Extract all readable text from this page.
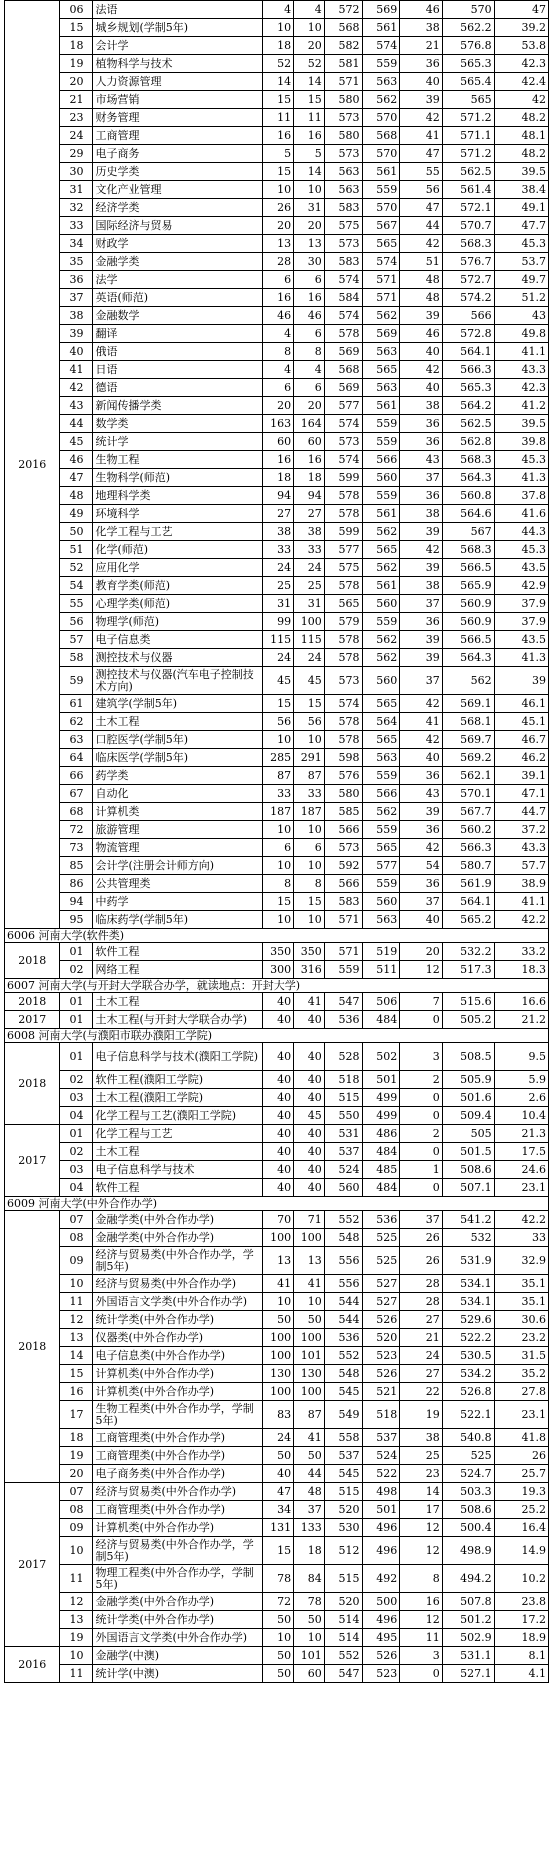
2016	06	法语	4	4	572	569	46	570	47
	15	城乡规划(学制5年)	10	10	568	561	38	562.2	39.2
	18	会计学	18	20	582	574	21	576.8	53.8
	19	植物科学与技术	52	52	581	559	36	565.3	42.3
	20	人力资源管理	14	14	571	563	40	565.4	42.4
	21	市场营销	15	15	580	562	39	565	42
	23	财务管理	11	11	573	570	42	571.2	48.2
	24	工商管理	16	16	580	568	41	571.1	48.1
	29	电子商务	5	5	573	570	47	571.2	48.2
	30	历史学类	15	14	563	561	55	562.5	39.5
	31	文化产业管理	10	10	563	559	56	561.4	38.4
	32	经济学类	26	31	583	570	47	572.1	49.1
	33	国际经济与贸易	20	20	575	567	44	570.7	47.7
	34	财政学	13	13	573	565	42	568.3	45.3
	35	金融学类	28	30	583	574	51	576.7	53.7
	36	法学	6	6	574	571	48	572.7	49.7
	37	英语(师范)	16	16	584	571	48	574.2	51.2
	38	金融数学	46	46	574	562	39	566	43
	39	翻译	4	6	578	569	46	572.8	49.8
	40	俄语	8	8	569	563	40	564.1	41.1
	41	日语	4	4	568	565	42	566.3	43.3
	42	德语	6	6	569	563	40	565.3	42.3
	43	新闻传播学类	20	20	577	561	38	564.2	41.2
	44	数学类	163	164	574	559	36	562.5	39.5
	45	统计学	60	60	573	559	36	562.8	39.8
	46	生物工程	16	16	574	566	43	568.3	45.3
	47	生物科学(师范)	18	18	599	560	37	564.3	41.3
	48	地理科学类	94	94	578	559	36	560.8	37.8
	49	环境科学	27	27	578	561	38	564.6	41.6
	50	化学工程与工艺	38	38	599	562	39	567	44.3
	51	化学(师范)	33	33	577	565	42	568.3	45.3
	52	应用化学	24	24	575	562	39	566.5	43.5
	54	教育学类(师范)	25	25	578	561	38	565.9	42.9
	55	心理学类(师范)	31	31	565	560	37	560.9	37.9
	56	物理学(师范)	99	100	579	559	36	560.9	37.9
	57	电子信息类	115	115	578	562	39	566.5	43.5
	58	测控技术与仪器	24	24	578	562	39	564.3	41.3
	59	测控技术与仪器(汽车电子控制技术方向)	45	45	573	560	37	562	39
	61	建筑学(学制5年)	15	15	574	565	42	569.1	46.1
	62	土木工程	56	56	578	564	41	568.1	45.1
	63	口腔医学(学制5年)	10	10	578	565	42	569.7	46.7
	64	临床医学(学制5年)	285	291	598	563	40	569.2	46.2
	66	药学类	87	87	576	559	36	562.1	39.1
	67	自动化	33	33	580	566	43	570.1	47.1
	68	计算机类	187	187	585	562	39	567.7	44.7
	72	旅游管理	10	10	566	559	36	560.2	37.2
	73	物流管理	6	6	573	565	42	566.3	43.3
	85	会计学(注册会计师方向)	10	10	592	577	54	580.7	57.7
	86	公共管理类	8	8	566	559	36	561.9	38.9
	94	中药学	15	15	583	560	37	564.1	41.1
	95	临床药学(学制5年)	10	10	571	563	40	565.2	42.2
6006 河南大学(软件类)									
2018	01	软件工程	350	350	571	519	20	532.2	33.2
	02	网络工程	300	316	559	511	12	517.3	18.3
6007 河南大学(与开封大学联合办学，就读地点：开封大学)									
2018	01	土木工程	40	41	547	506	7	515.6	16.6
2017	01	土木工程(与开封大学联合办学)	40	40	536	484	0	505.2	21.2
6008 河南大学(与濮阳市联办濮阳工学院)									
2018	01	电子信息科学与技术(濮阳工学院)	40	40	528	502	3	508.5	9.5
	02	软件工程(濮阳工学院)	40	40	518	501	2	505.9	5.9
	03	土木工程(濮阳工学院)	40	40	515	499	0	501.6	2.6
	04	化学工程与工艺(濮阳工学院)	40	45	550	499	0	509.4	10.4
2017	01	化学工程与工艺	40	40	531	486	2	505	21.3
	02	土木工程	40	40	537	484	0	501.5	17.5
	03	电子信息科学与技术	40	40	524	485	1	508.6	24.6
	04	软件工程	40	40	560	484	0	507.1	23.1
6009 河南大学(中外合作办学)									
2018	07	金融学类(中外合作办学)	70	71	552	536	37	541.2	42.2
	08	金融学类(中外合作办学)	100	100	548	525	26	532	33
	09	经济与贸易类(中外合作办学，学制5年)	13	13	556	525	26	531.9	32.9
	10	经济与贸易类(中外合作办学)	41	41	556	527	28	534.1	35.1
	11	外国语言文学类(中外合作办学)	10	10	544	527	28	534.1	35.1
	12	统计学类(中外合作办学)	50	50	544	526	27	529.6	30.6
	13	仪器类(中外合作办学)	100	100	536	520	21	522.2	23.2
	14	电子信息类(中外合作办学)	100	101	552	523	24	530.5	31.5
	15	计算机类(中外合作办学)	130	130	548	526	27	534.2	35.2
	16	计算机类(中外合作办学)	100	100	545	521	22	526.8	27.8
	17	生物工程类(中外合作办学，学制5年)	83	87	549	518	19	522.1	23.1
	18	工商管理类(中外合作办学)	24	41	558	537	38	540.8	41.8
	19	工商管理类(中外合作办学)	50	50	537	524	25	525	26
	20	电子商务类(中外合作办学)	40	44	545	522	23	524.7	25.7
2017	07	经济与贸易类(中外合作办学)	47	48	515	498	14	503.3	19.3
	08	工商管理类(中外合作办学)	34	37	520	501	17	508.6	25.2
	09	计算机类(中外合作办学)	131	133	530	496	12	500.4	16.4
	10	经济与贸易类(中外合作办学，学制5年)	15	18	512	496	12	498.9	14.9
	11	物理工程类(中外合作办学，学制5年)	78	84	515	492	8	494.2	10.2
	12	金融学类(中外合作办学)	72	78	520	500	16	507.8	23.8
	13	统计学类(中外合作办学)	50	50	514	496	12	501.2	17.2
	19	外国语言文学类(中外合作办学)	10	10	514	495	11	502.9	18.9
2016	10	金融学(中澳)	50	101	552	526	3	531.1	8.1
	11	统计学(中澳)	50	60	547	523	0	527.1	4.1
